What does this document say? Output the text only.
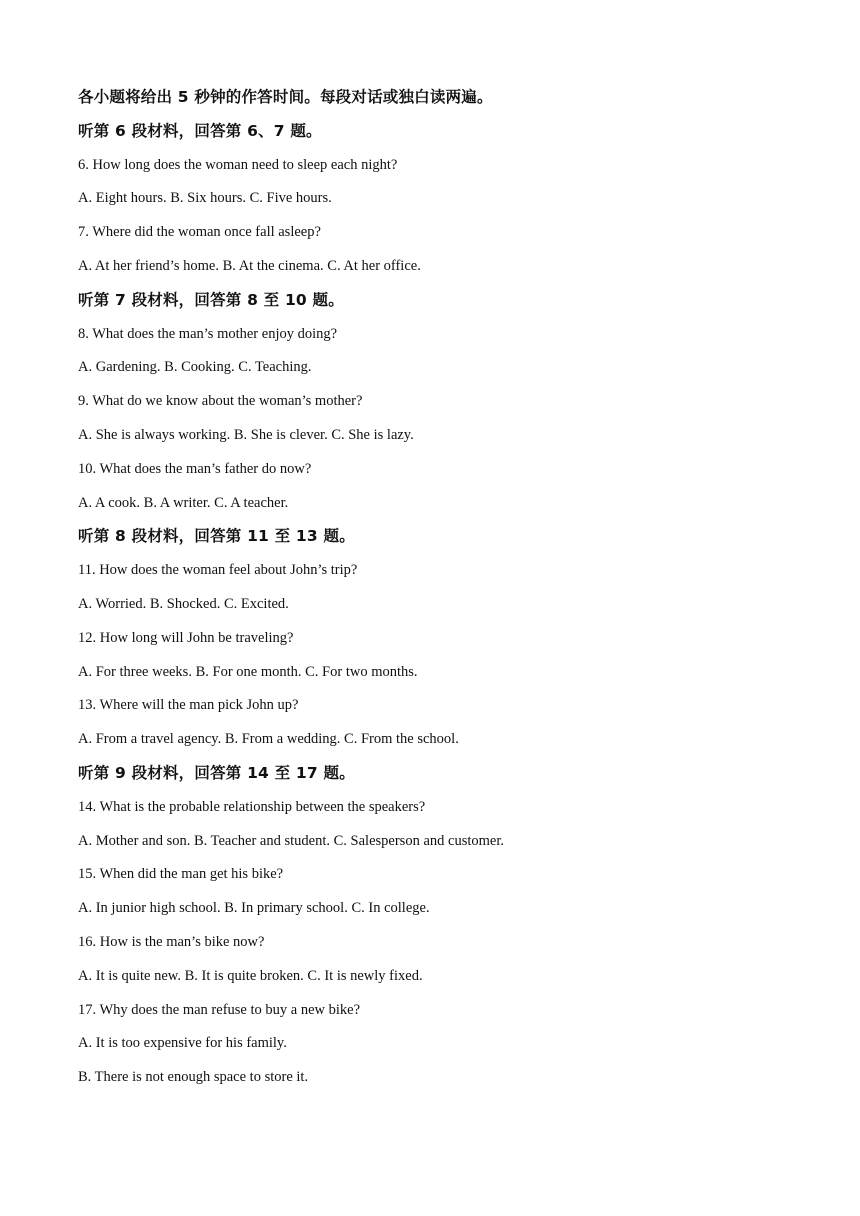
各小题将给出 5 秒钟的作答时间。每段对话或独白读两遍。
听第 6 段材料，回答第 6、7 题。
6. How long does the woman need to sleep each night?
A. Eight hours. B. Six hours. C. Five hours.
7. Where did the woman once fall asleep?
A. At her friend’s home. B. At the cinema. C. At her office.
听第 7 段材料，回答第 8 至 10 题。
8. What does the man’s mother enjoy doing?
A. Gardening. B. Cooking. C. Teaching.
9. What do we know about the woman’s mother?
A. She is always working. B. She is clever. C. She is lazy.
10. What does the man’s father do now?
A. A cook. B. A writer. C. A teacher.
听第 8 段材料，回答第 11 至 13 题。
11. How does the woman feel about John’s trip?
A. Worried. B. Shocked. C. Excited.
12. How long will John be traveling?
A. For three weeks. B. For one month. C. For two months.
13. Where will the man pick John up?
A. From a travel agency. B. From a wedding. C. From the school.
听第 9 段材料，回答第 14 至 17 题。
14. What is the probable relationship between the speakers?
A. Mother and son. B. Teacher and student. C. Salesperson and customer.
15. When did the man get his bike?
A. In junior high school. B. In primary school. C. In college.
16. How is the man’s bike now?
A. It is quite new. B. It is quite broken. C. It is newly fixed.
17. Why does the man refuse to buy a new bike?
A. It is too expensive for his family.
B. There is not enough space to store it.
